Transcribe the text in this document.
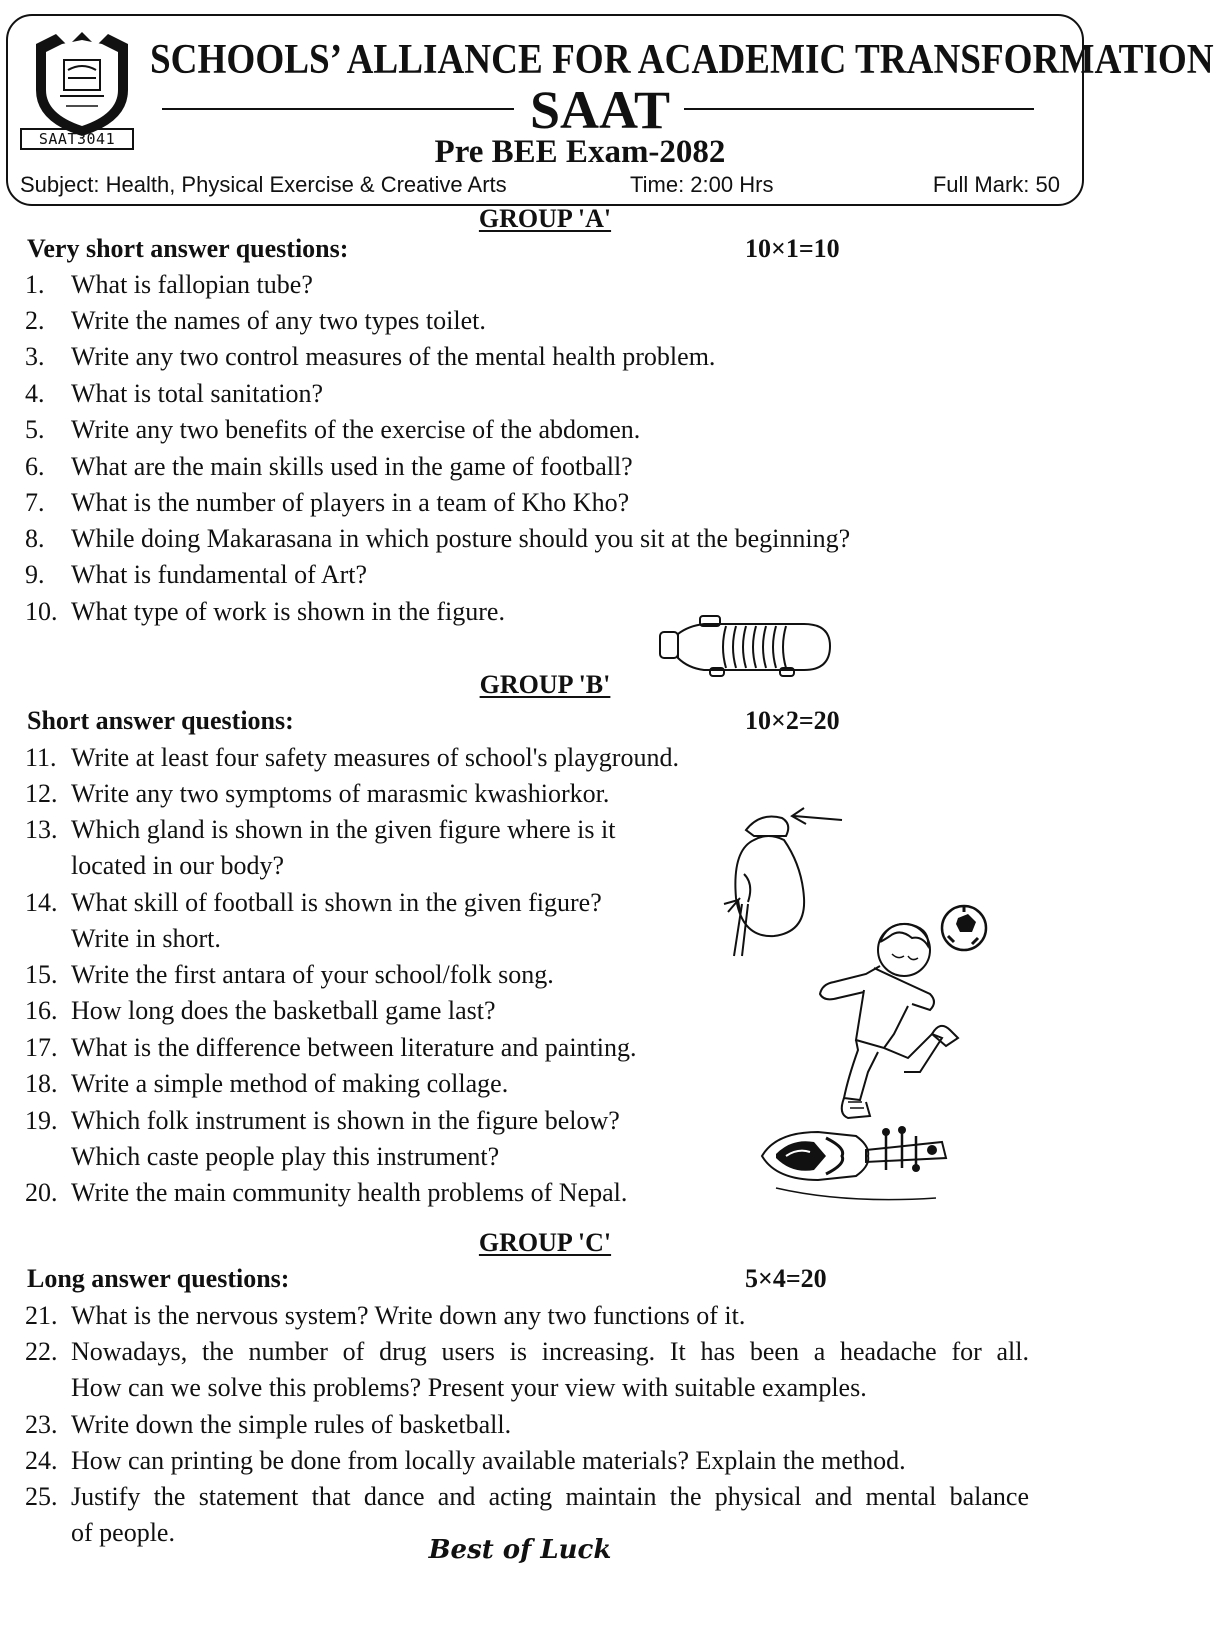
SAAT3041
SCHOOLS’ ALLIANCE FOR ACADEMIC TRANSFORMATION
SAAT
Pre BEE Exam-2082
Subject: Health, Physical Exercise & Creative Arts	Time: 2:00 Hrs	Full Mark: 50
GROUP 'A'
Very short answer questions:	10×1=10
1.	What is fallopian tube?
2.	Write the names of any two types toilet.
3.	Write any two control measures of the mental health problem.
4.	What is total sanitation?
5.	Write any two benefits of the exercise of the abdomen.
6.	What are the main skills used in the game of football?
7.	What is the number of players in a team of Kho Kho?
8.	While doing Makarasana in which posture should you sit at the beginning?
9.	What is fundamental of Art?
10. What type of work is shown in the figure.
GROUP 'B'
Short answer questions:	10×2=20
11. Write at least four safety measures of school's playground.
12. Write any two symptoms of marasmic kwashiorkor.
13. Which gland is shown in the given figure where is it
located in our body?
14. What skill of football is shown in the given figure?
Write in short.
15. Write the first antara of your school/folk song.
16. How long does the basketball game last?
17. What is the difference between literature and painting.
18. Write a simple method of making collage.
19. Which folk instrument is shown in the figure below?
Which caste people play this instrument?
20. Write the main community health problems of Nepal.
GROUP 'C'
Long answer questions:	5×4=20
21. What is the nervous system? Write down any two functions of it.
22. Nowadays, the number of drug users is increasing. It has been a headache for all.
How can we solve this problems? Present your view with suitable examples.
23. Write down the simple rules of basketball.
24. How can printing be done from locally available materials? Explain the method.
25. Justify the statement that dance and acting maintain the physical and mental balance
of people.
Best of Luck
